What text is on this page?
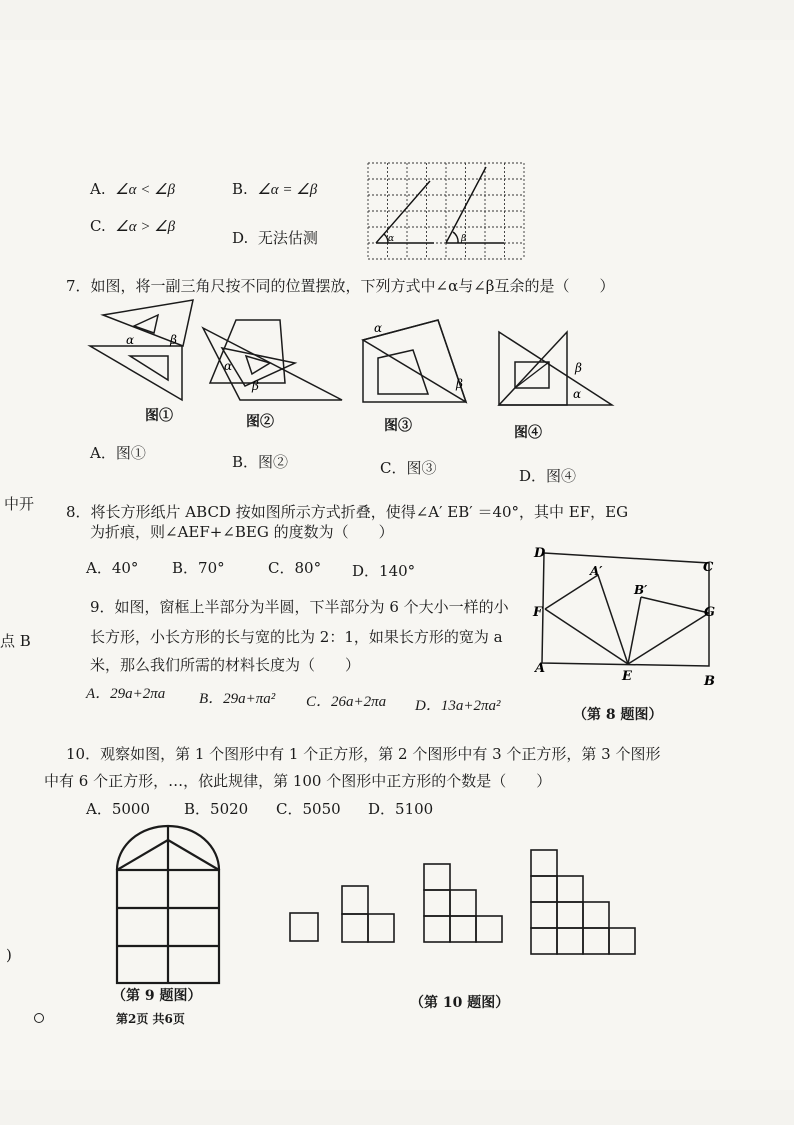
A. ∠α < ∠β	B. ∠α = ∠β
C. ∠α > ∠β
D. 无法估测	α	β
7．如图，将一副三角尺按不同的位置摆放，下列方式中∠α与∠β互余的是（　　）
α	β
图①
α
β
图②
α
β
图③
β
α
图④
A．图①	B．图②	C．图③	D．图④
8．将长方形纸片 ABCD 按如图所示方式折叠，使得∠A′ EB′ ＝40°，其中 EF，EG
为折痕，则∠AEF+∠BEG 的度数为（　　）
A．40° B．70°	C．80° D．140°
D
C
F	G
A
B
E
A′
B′
（第 8 题图）
9．如图，窗框上半部分为半圆，下半部分为 6 个大小一样的小
长方形，小长方形的长与宽的比为 2：1，如果长方形的宽为 a
米，那么我们所需的材料长度为（　　）
A．29a+2πa B．29a+πa² C．26a+2πa D．13a+2πa²
10．观察如图，第 1 个图形中有 1 个正方形，第 2 个图形中有 3 个正方形，第 3 个图形
中有 6 个正方形，…，依此规律，第 100 个图形中正方形的个数是（　　）
A．5000 B．5020 C．5050 D．5100
（第 9 题图）	（第 10 题图）
中开
点 B
)
第2页 共6页
